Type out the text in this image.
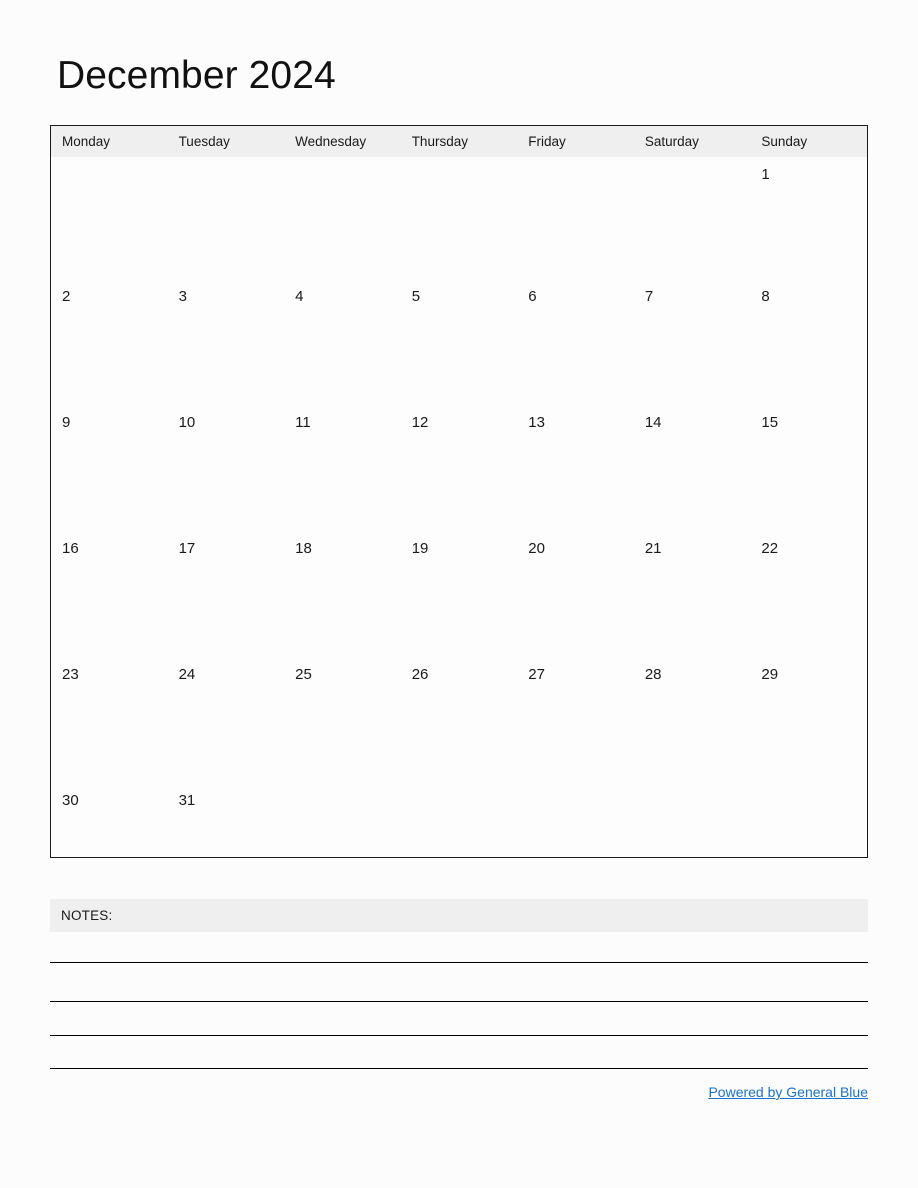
December 2024
Monday	Tuesday	Wednesday	Thursday	Friday	Saturday	Sunday
						1
2	3	4	5	6	7	8
9	10	11	12	13	14	15
16	17	18	19	20	21	22
23	24	25	26	27	28	29
30	31					
NOTES:
Powered by General Blue
